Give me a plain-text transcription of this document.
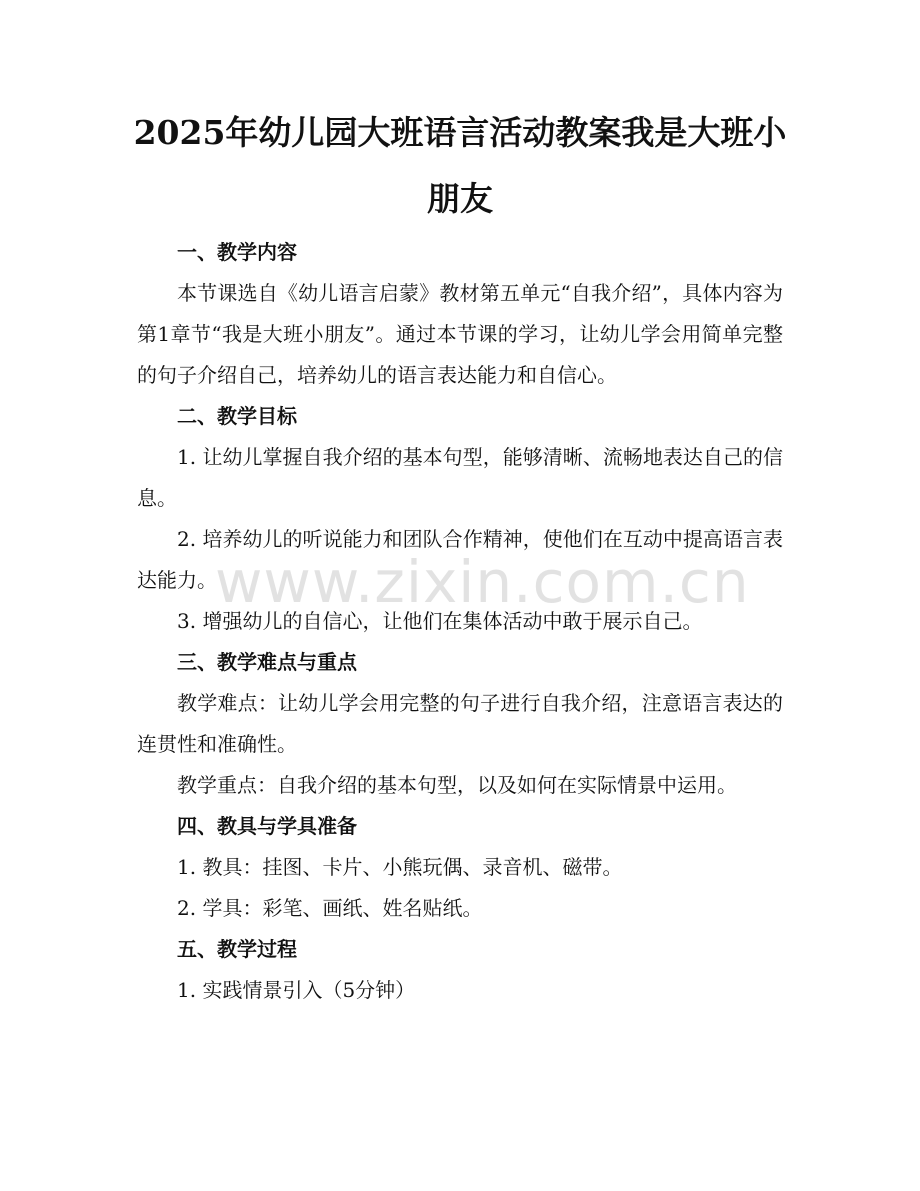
2025年幼儿园大班语言活动教案我是大班小朋友

一、教学内容

本节课选自《幼儿语言启蒙》教材第五单元“自我介绍”，具体内容为第1章节“我是大班小朋友”。通过本节课的学习，让幼儿学会用简单完整的句子介绍自己，培养幼儿的语言表达能力和自信心。

二、教学目标

1. 让幼儿掌握自我介绍的基本句型，能够清晰、流畅地表达自己的信息。

2. 培养幼儿的听说能力和团队合作精神，使他们在互动中提高语言表达能力。

3. 增强幼儿的自信心，让他们在集体活动中敢于展示自己。

三、教学难点与重点

教学难点：让幼儿学会用完整的句子进行自我介绍，注意语言表达的连贯性和准确性。

教学重点：自我介绍的基本句型，以及如何在实际情景中运用。

四、教具与学具准备

1. 教具：挂图、卡片、小熊玩偶、录音机、磁带。

2. 学具：彩笔、画纸、姓名贴纸。

五、教学过程

1. 实践情景引入（5分钟）

www.zixin.com.cn
